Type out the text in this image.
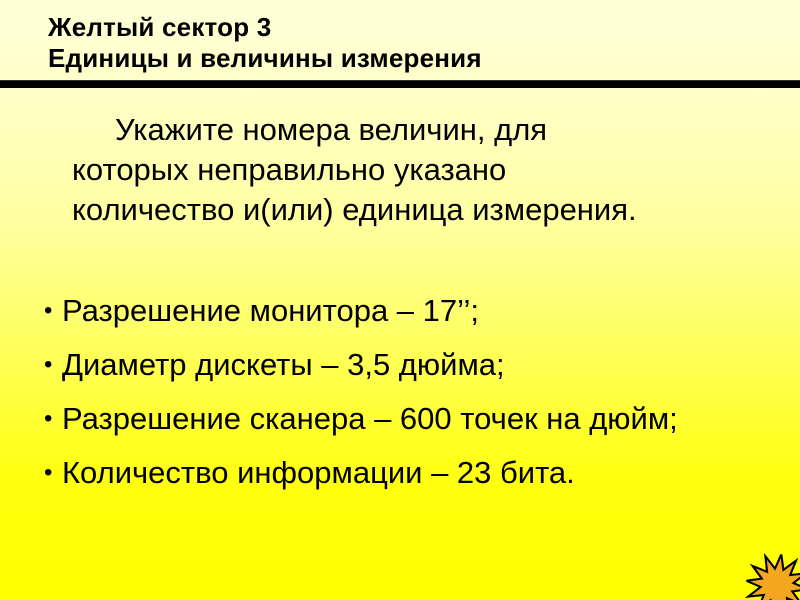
Желтый сектор 3
Единицы и величины измерения
Укажите номера величин, для
которых неправильно указано
количество и(или) единица измерения.
• Разрешение монитора – 17’’;
• Диаметр дискеты – 3,5 дюйма;
• Разрешение сканера – 600 точек на дюйм;
• Количество информации – 23 бита.
